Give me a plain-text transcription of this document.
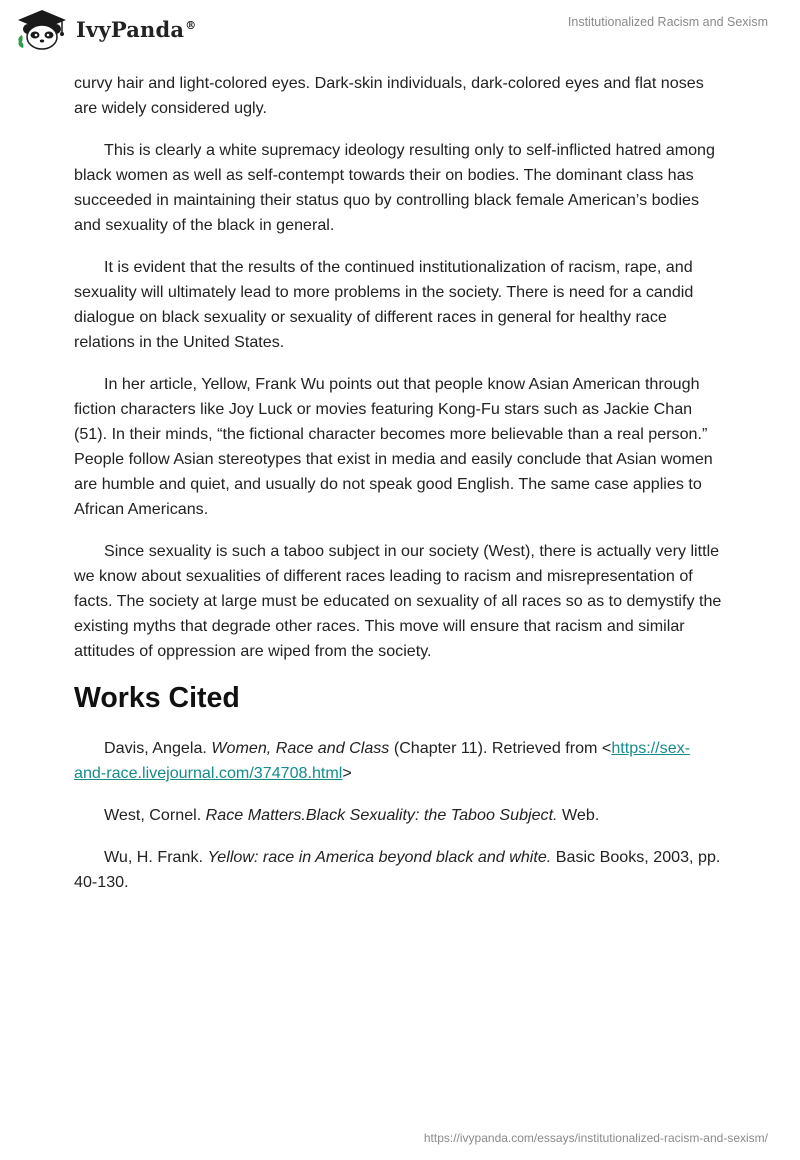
IvyPanda®	Institutionalized Racism and Sexism

curvy hair and light-colored eyes. Dark-skin individuals, dark-colored eyes and flat noses are widely considered ugly.

This is clearly a white supremacy ideology resulting only to self-inflicted hatred among black women as well as self-contempt towards their on bodies. The dominant class has succeeded in maintaining their status quo by controlling black female American’s bodies and sexuality of the black in general.

It is evident that the results of the continued institutionalization of racism, rape, and sexuality will ultimately lead to more problems in the society. There is need for a candid dialogue on black sexuality or sexuality of different races in general for healthy race relations in the United States.

In her article, Yellow, Frank Wu points out that people know Asian American through fiction characters like Joy Luck or movies featuring Kong-Fu stars such as Jackie Chan (51). In their minds, “the fictional character becomes more believable than a real person.” People follow Asian stereotypes that exist in media and easily conclude that Asian women are humble and quiet, and usually do not speak good English. The same case applies to African Americans.

Since sexuality is such a taboo subject in our society (West), there is actually very little we know about sexualities of different races leading to racism and misrepresentation of facts. The society at large must be educated on sexuality of all races so as to demystify the existing myths that degrade other races. This move will ensure that racism and similar attitudes of oppression are wiped from the society.

Works Cited

Davis, Angela. Women, Race and Class (Chapter 11). Retrieved from <https://sex-and-race.livejournal.com/374708.html>

West, Cornel. Race Matters.Black Sexuality: the Taboo Subject. Web.

Wu, H. Frank. Yellow: race in America beyond black and white. Basic Books, 2003, pp. 40-130.

https://ivypanda.com/essays/institutionalized-racism-and-sexism/
